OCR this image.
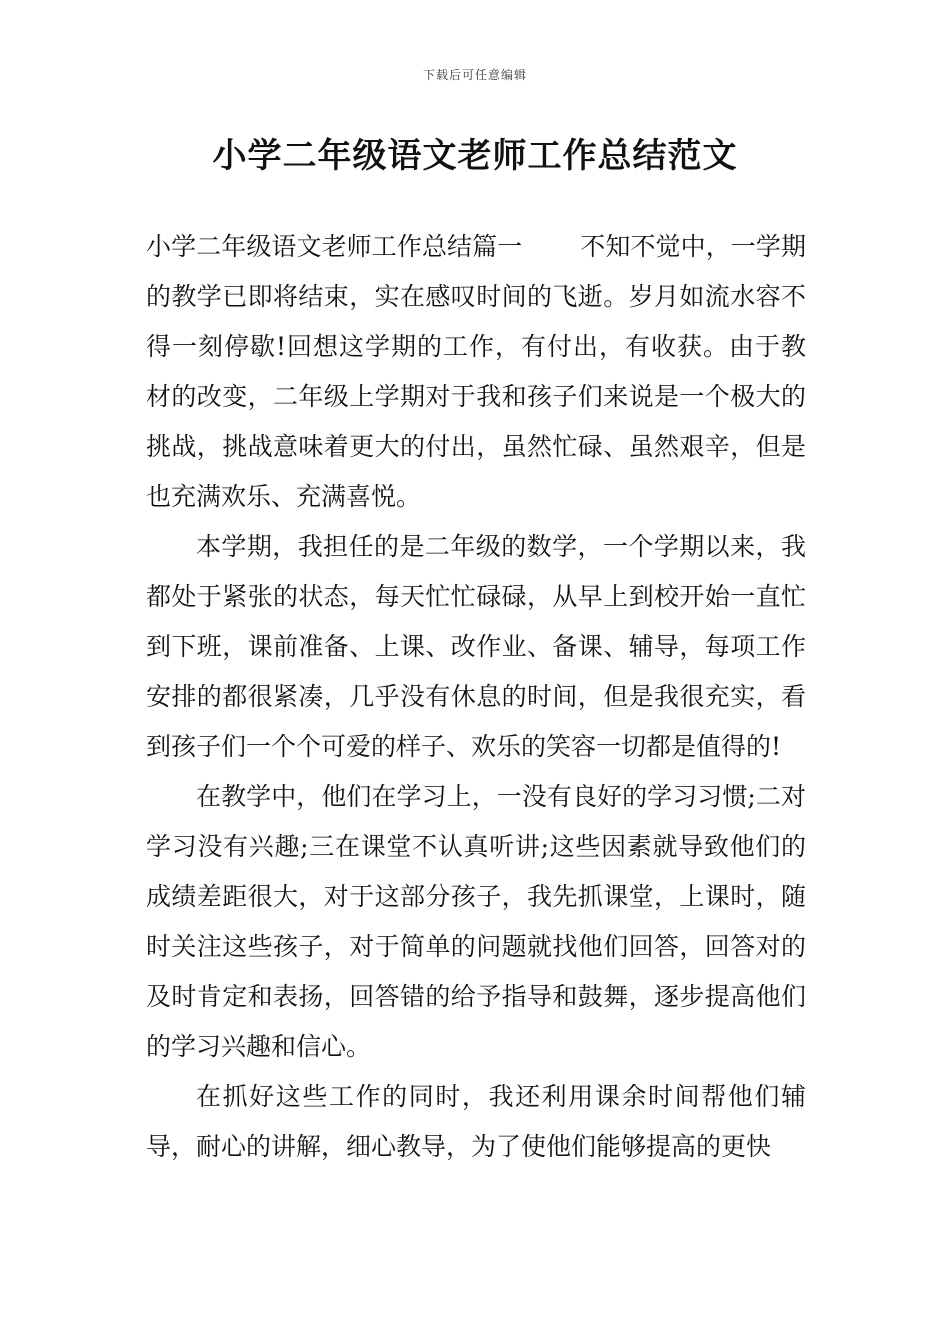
下载后可任意编辑
小学二年级语文老师工作总结范文

小学二年级语文老师工作总结篇一 不知不觉中，一学期的教学已即将结束，实在感叹时间的飞逝。岁月如流水容不得一刻停歇!回想这学期的工作，有付出，有收获。由于教材的改变，二年级上学期对于我和孩子们来说是一个极大的挑战，挑战意味着更大的付出，虽然忙碌、虽然艰辛，但是也充满欢乐、充满喜悦。

本学期，我担任的是二年级的数学，一个学期以来，我都处于紧张的状态，每天忙忙碌碌，从早上到校开始一直忙到下班，课前准备、上课、改作业、备课、辅导，每项工作安排的都很紧凑，几乎没有休息的时间，但是我很充实，看到孩子们一个个可爱的样子、欢乐的笑容一切都是值得的!

在教学中，他们在学习上，一没有良好的学习习惯;二对学习没有兴趣;三在课堂不认真听讲;这些因素就导致他们的成绩差距很大，对于这部分孩子，我先抓课堂，上课时，随时关注这些孩子，对于简单的问题就找他们回答，回答对的及时肯定和表扬，回答错的给予指导和鼓舞，逐步提高他们的学习兴趣和信心。

在抓好这些工作的同时，我还利用课余时间帮他们辅导，耐心的讲解，细心教导，为了使他们能够提高的更快
